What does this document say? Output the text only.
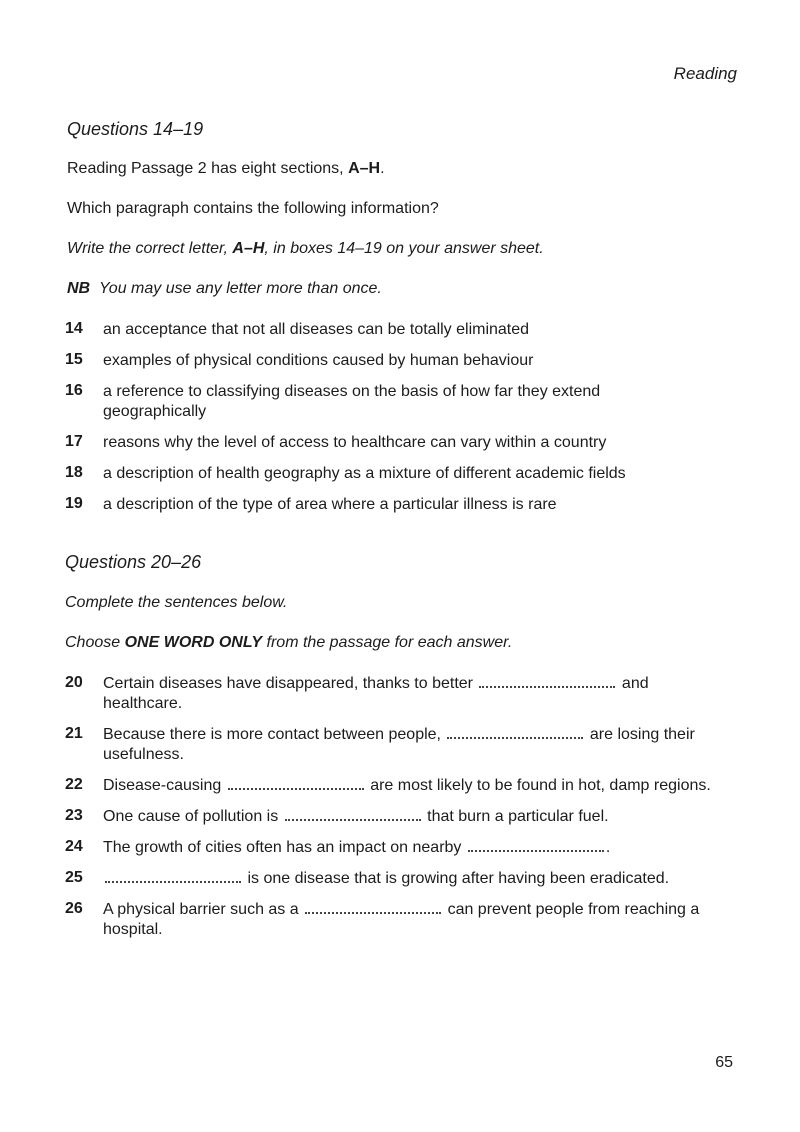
Reading
Questions 14–19
Reading Passage 2 has eight sections, A–H.
Which paragraph contains the following information?
Write the correct letter, A–H, in boxes 14–19 on your answer sheet.
NB You may use any letter more than once.
14	an acceptance that not all diseases can be totally eliminated
15	examples of physical conditions caused by human behaviour
16	a reference to classifying diseases on the basis of how far they extend geographically
17	reasons why the level of access to healthcare can vary within a country
18	a description of health geography as a mixture of different academic fields
19	a description of the type of area where a particular illness is rare
Questions 20–26
Complete the sentences below.
Choose ONE WORD ONLY from the passage for each answer.
20	Certain diseases have disappeared, thanks to better	and healthcare.
21	Because there is more contact between people,	are losing their usefulness.
22	Disease-causing	are most likely to be found in hot, damp regions.
23	One cause of pollution is	that burn a particular fuel.
24	The growth of cities often has an impact on nearby	.
25	is one disease that is growing after having been eradicated.
26	A physical barrier such as a	can prevent people from reaching a hospital.
65
